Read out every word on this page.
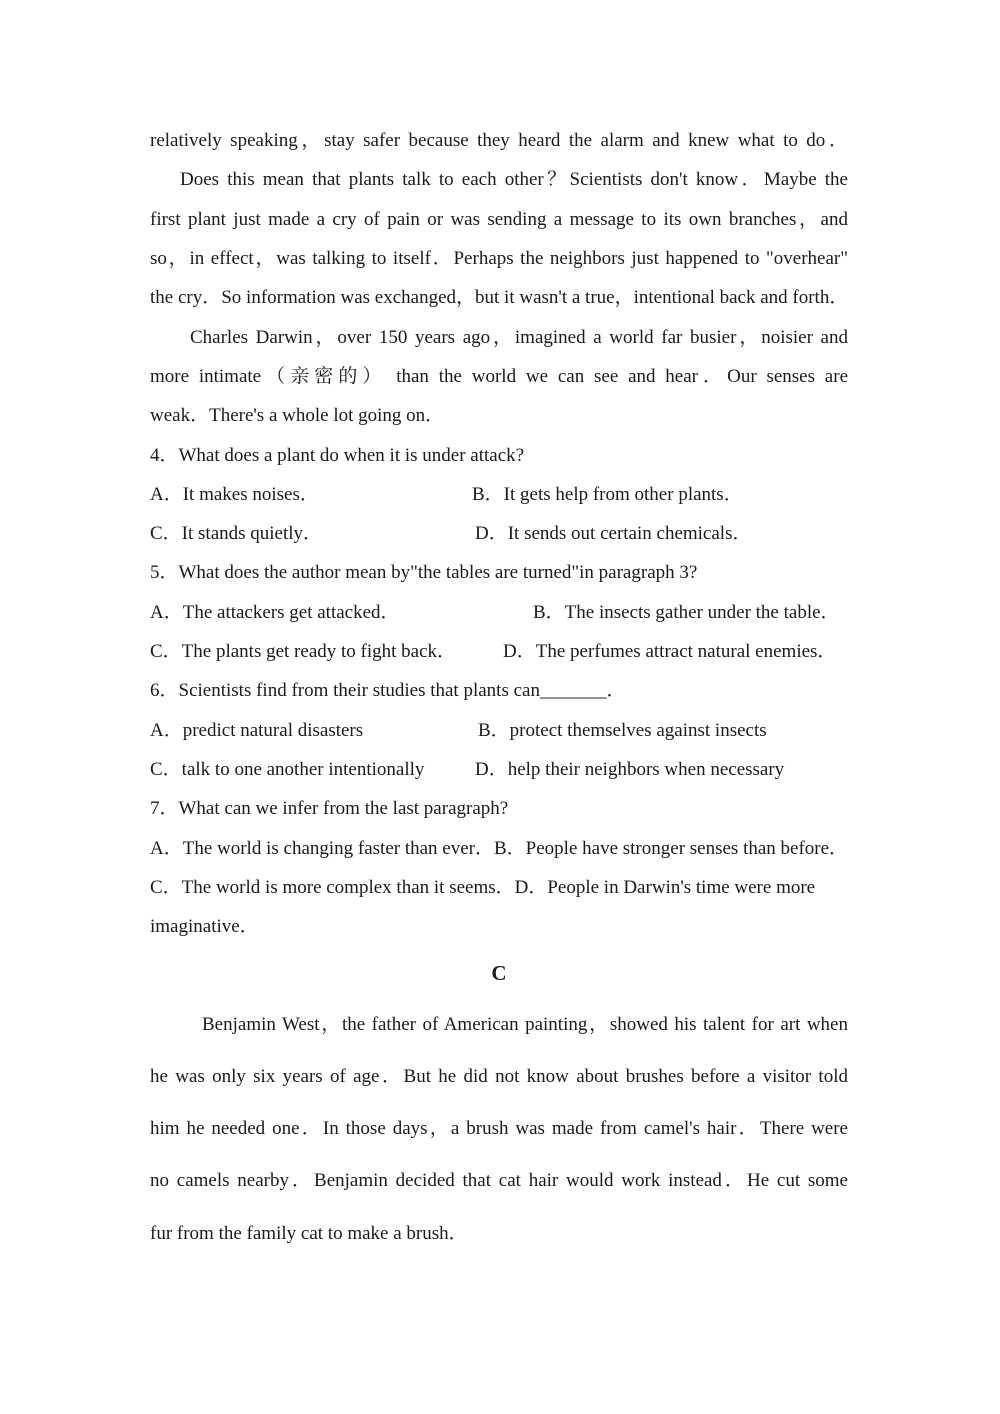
relatively speaking，stay safer because they heard the alarm and knew what to do．
Does this mean that plants talk to each other？Scientists don't know．Maybe the
first plant just made a cry of pain or was sending a message to its own branches，and
so，in effect，was talking to itself．Perhaps the neighbors just happened to "overhear"
the cry．So information was exchanged，but it wasn't a true，intentional back and forth．
Charles Darwin，over 150 years ago，imagined a world far busier，noisier and
more intimate（亲密的） than the world we can see and hear．Our senses are
weak．There's a whole lot going on．
4．What does a plant do when it is under attack?
A．It makes noises．	B．It gets help from other plants．
C．It stands quietly．	D．It sends out certain chemicals．
5．What does the author mean by"the tables are turned"in paragraph 3?
A．The attackers get attacked．	B．The insects gather under the table．
C．The plants get ready to fight back． D．The perfumes attract natural enemies．
6．Scientists find from their studies that plants can_______．
A．predict natural disasters	B．protect themselves against insects
C．talk to one another intentionally	D．help their neighbors when necessary
7．What can we infer from the last paragraph?
A．The world is changing faster than ever．B．People have stronger senses than before．
C．The world is more complex than it seems．D．People in Darwin's time were more
imaginative．
C
Benjamin West，the father of American painting，showed his talent for art when
he was only six years of age．But he did not know about brushes before a visitor told
him he needed one．In those days，a brush was made from camel's hair．There were
no camels nearby．Benjamin decided that cat hair would work instead．He cut some
fur from the family cat to make a brush．
